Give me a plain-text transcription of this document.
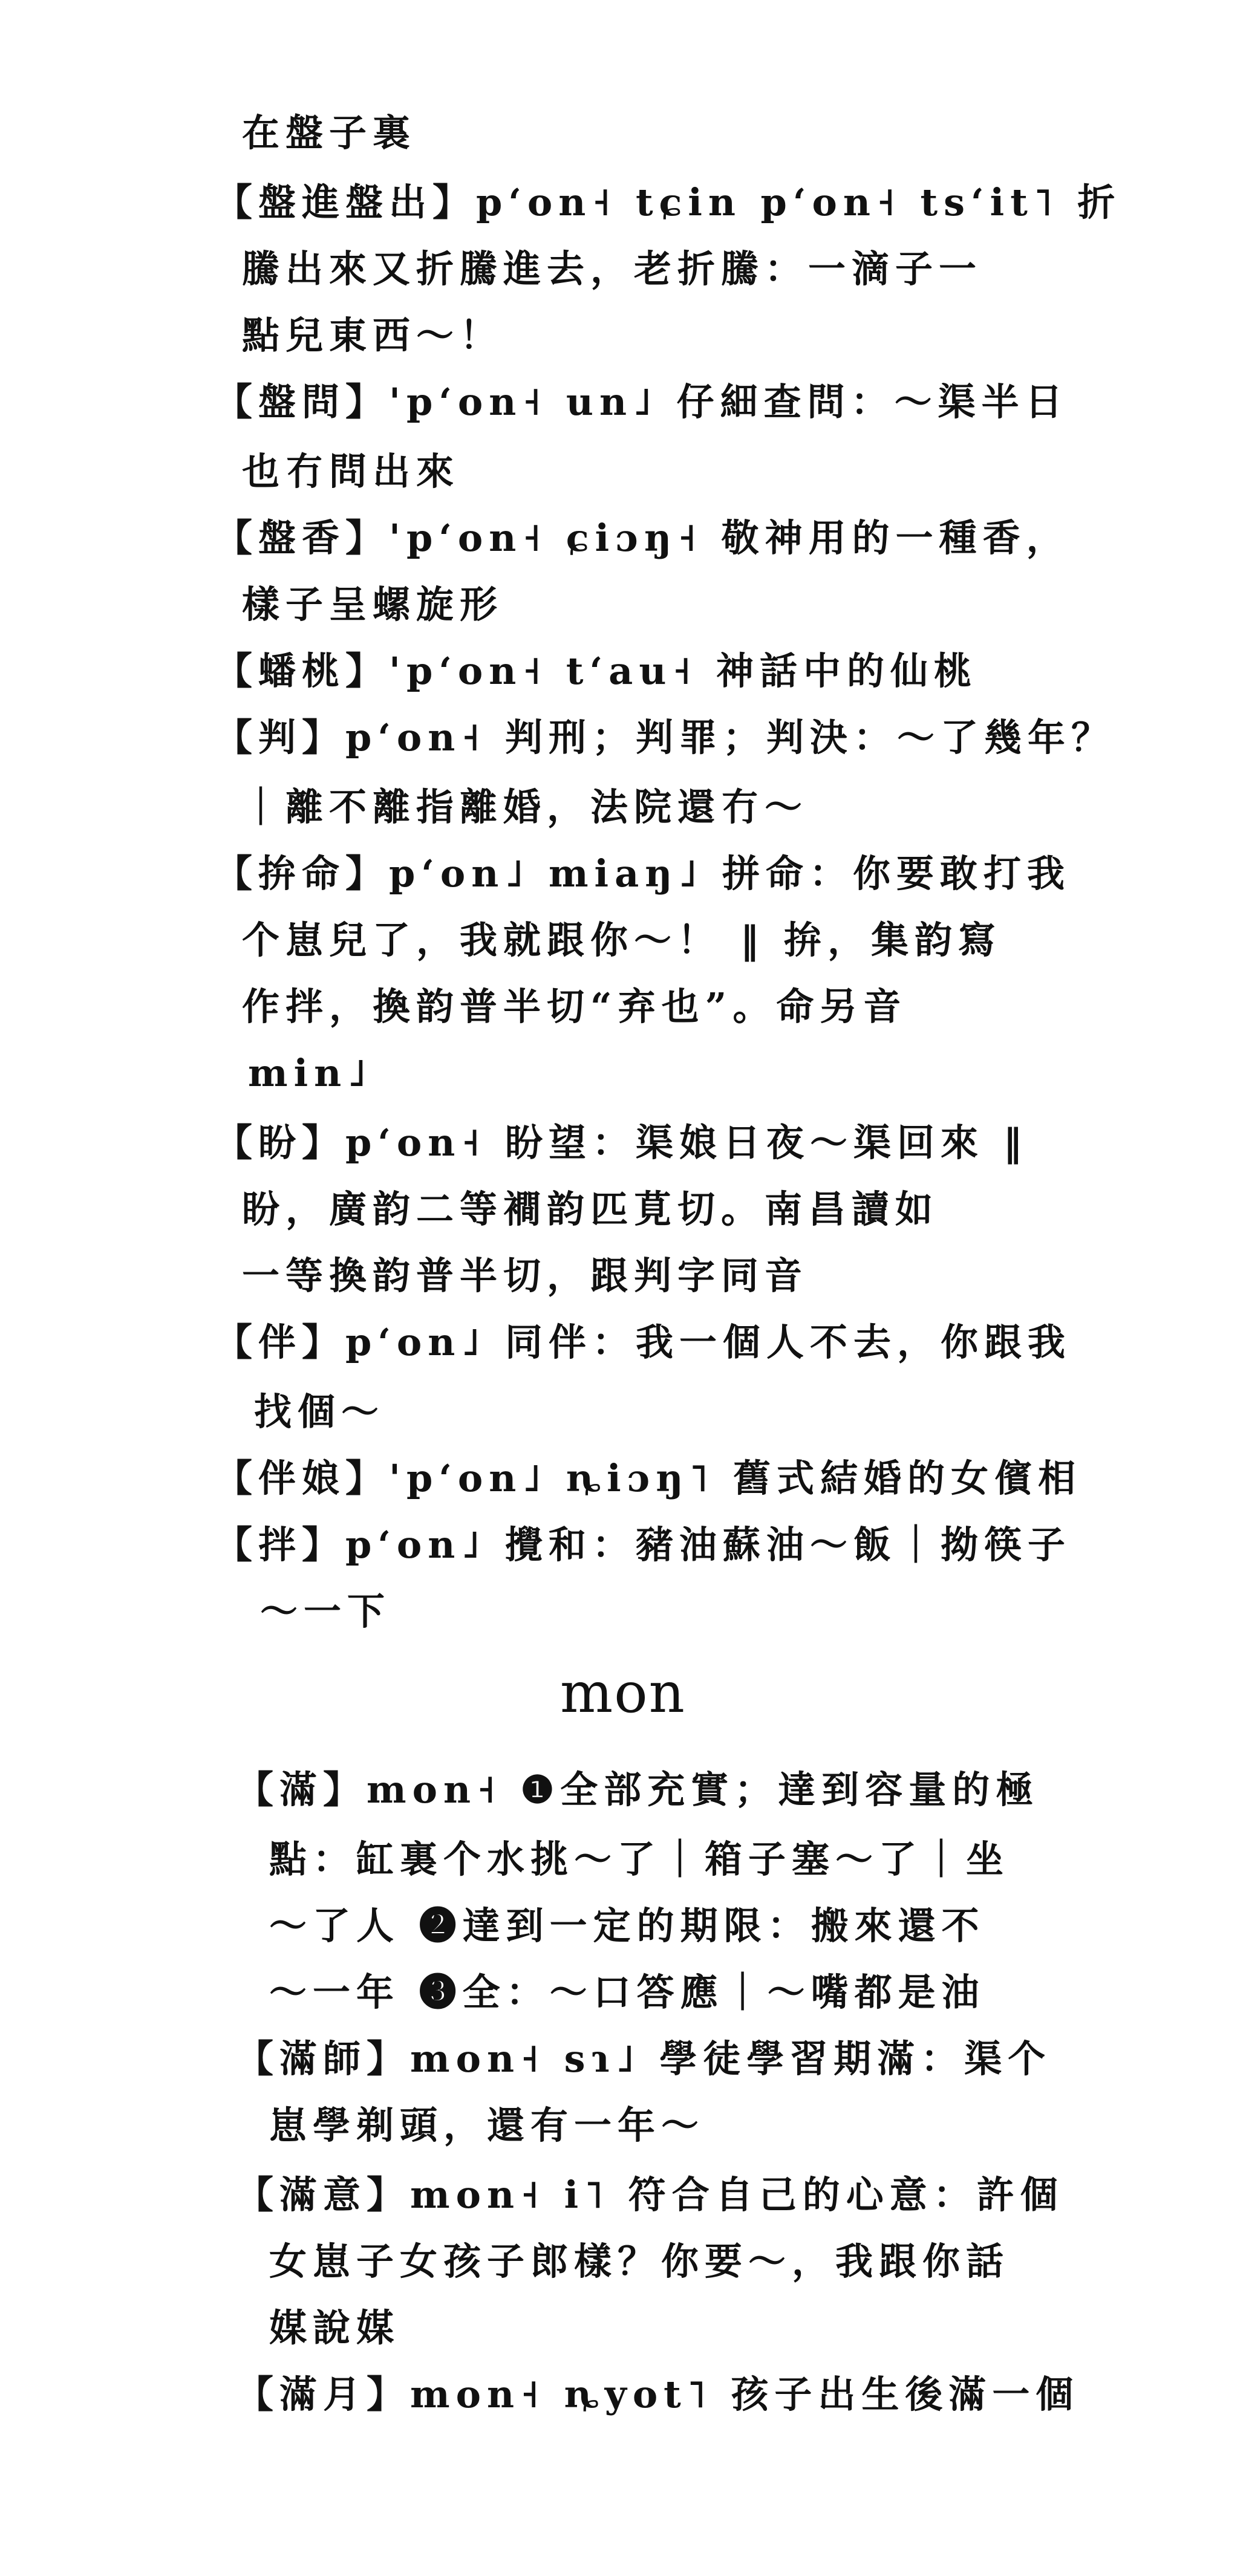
在盤子裏
【盤進盤出】p‘on˧ tɕin p‘on˧ ts‘it˥ 折
騰出來又折騰進去，老折騰：一滴子一
點兒東西～！
【盤問】'p‘on˧ un˩ 仔細查問：～渠半日
也冇問出來
【盤香】'p‘on˧ ɕiɔŋ˧ 敬神用的一種香，
樣子呈螺旋形
【蟠桃】'p‘on˧ t‘au˧ 神話中的仙桃
【判】p‘on˧ 判刑；判罪；判決：～了幾年？
｜離不離指離婚，法院還冇～
【拚命】p‘on˩ miaŋ˩ 拼命：你要敢打我
个崽兒了，我就跟你～！ ‖ 拚，集韵寫
作拌，換韵普半切“弃也”。命另音
min˩
【盼】p‘on˧ 盼望：渠娘日夜～渠回來 ‖
盼，廣韵二等襇韵匹莧切。南昌讀如
一等換韵普半切，跟判字同音
【伴】p‘on˩ 同伴：我一個人不去，你跟我
找個～
【伴娘】'p‘on˩ ȵiɔŋ˥ 舊式結婚的女儐相
【拌】p‘on˩ 攪和：豬油蘇油～飯｜拗筷子
～一下
mon
【滿】mon˧ ❶全部充實；達到容量的極
點：缸裏个水挑～了｜箱子塞～了｜坐
～了人 ❷達到一定的期限：搬來還不
～一年 ❸全：～口答應｜～嘴都是油
【滿師】mon˧ sɿ˩ 學徒學習期滿：渠个
崽學剃頭，還有一年～
【滿意】mon˧ i˥ 符合自己的心意：許個
女崽子女孩子郎樣？你要～，我跟你話
媒說媒
【滿月】mon˧ ȵyot˥ 孩子出生後滿一個
